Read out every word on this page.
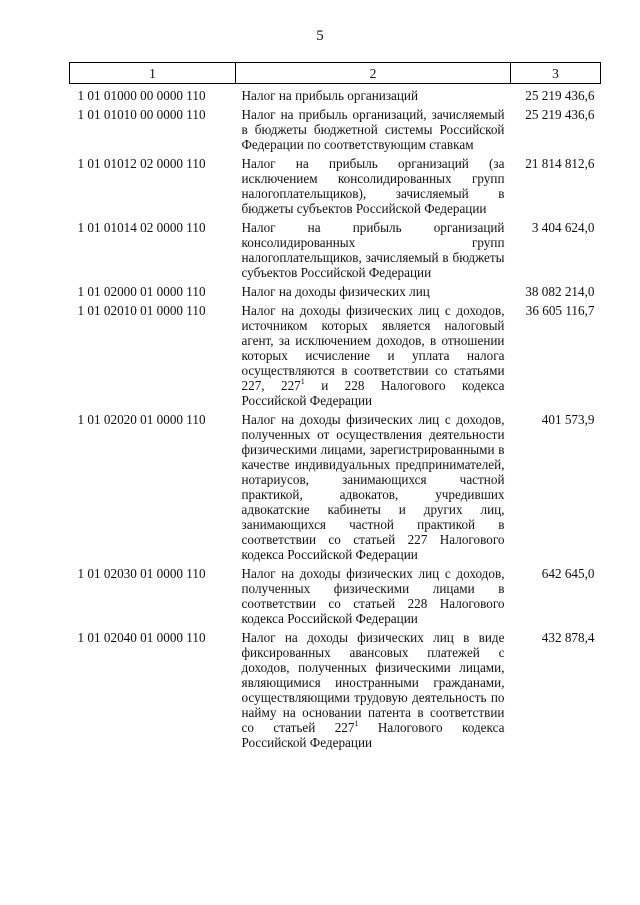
5
1	2	3
1 01 01000 00 0000 110	Налог на прибыль организаций	25 219 436,6
1 01 01010 00 0000 110	Налог на прибыль организаций, зачисляемый в бюджеты бюджетной системы Российской Федерации по соответствующим ставкам	25 219 436,6
1 01 01012 02 0000 110	Налог на прибыль организаций (за исключением консолидированных групп налогоплательщиков), зачисляемый в бюджеты субъектов Российской Федерации	21 814 812,6
1 01 01014 02 0000 110	Налог на прибыль организаций консолидированных групп налогоплательщиков, зачисляемый в бюджеты субъектов Российской Федерации	3 404 624,0
1 01 02000 01 0000 110	Налог на доходы физических лиц	38 082 214,0
1 01 02010 01 0000 110	Налог на доходы физических лиц с доходов, источником которых является налоговый агент, за исключением доходов, в отношении которых исчисление и уплата налога осуществляются в соответствии со статьями 227, $227^1$ и 228 Налогового кодекса Российской Федерации	36 605 116,7
1 01 02020 01 0000 110	Налог на доходы физических лиц с доходов, полученных от осуществления деятельности физическими лицами, зарегистрированными в качестве индивидуальных предпринимателей, нотариусов, занимающихся частной практикой, адвокатов, учредивших адвокатские кабинеты и других лиц, занимающихся частной практикой в соответствии со статьей 227 Налогового кодекса Российской Федерации	401 573,9
1 01 02030 01 0000 110	Налог на доходы физических лиц с доходов, полученных физическими лицами в соответствии со статьей 228 Налогового кодекса Российской Федерации	642 645,0
1 01 02040 01 0000 110	Налог на доходы физических лиц в виде фиксированных авансовых платежей с доходов, полученных физическими лицами, являющимися иностранными гражданами, осуществляющими трудовую деятельность по найму на основании патента в соответствии со статьей $227^1$ Налогового кодекса Российской Федерации	432 878,4
